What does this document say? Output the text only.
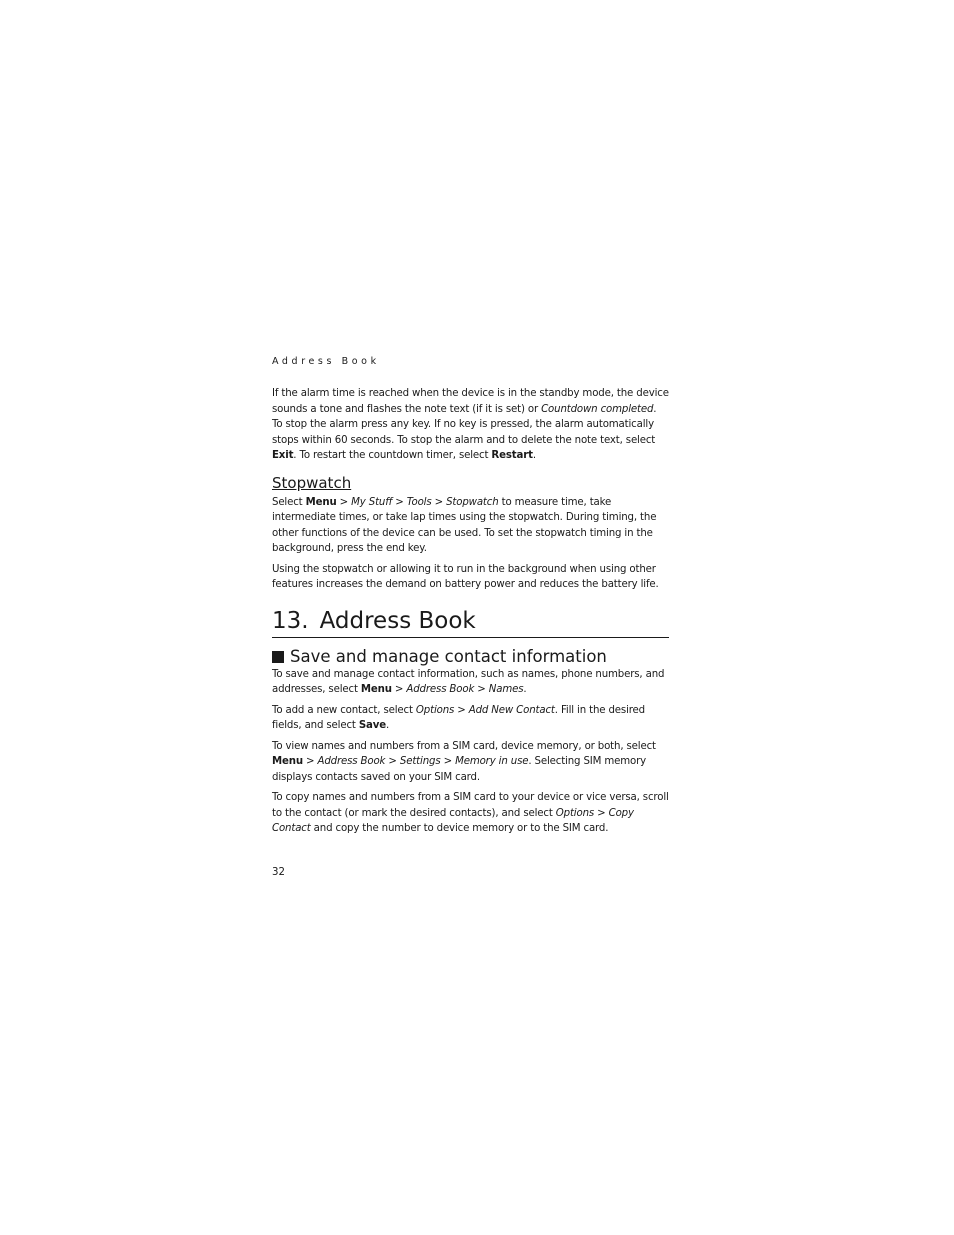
Address Book

If the alarm time is reached when the device is in the standby mode, the device sounds a tone and flashes the note text (if it is set) or Countdown completed. To stop the alarm press any key. If no key is pressed, the alarm automatically stops within 60 seconds. To stop the alarm and to delete the note text, select Exit. To restart the countdown timer, select Restart.

Stopwatch

Select Menu > My Stuff > Tools > Stopwatch to measure time, take intermediate times, or take lap times using the stopwatch. During timing, the other functions of the device can be used. To set the stopwatch timing in the background, press the end key.

Using the stopwatch or allowing it to run in the background when using other features increases the demand on battery power and reduces the battery life.

13. Address Book
Save and manage contact information

To save and manage contact information, such as names, phone numbers, and addresses, select Menu > Address Book > Names.

To add a new contact, select Options > Add New Contact. Fill in the desired fields, and select Save.

To view names and numbers from a SIM card, device memory, or both, select Menu > Address Book > Settings > Memory in use. Selecting SIM memory displays contacts saved on your SIM card.

To copy names and numbers from a SIM card to your device or vice versa, scroll to the contact (or mark the desired contacts), and select Options > Copy Contact and copy the number to device memory or to the SIM card.

32
